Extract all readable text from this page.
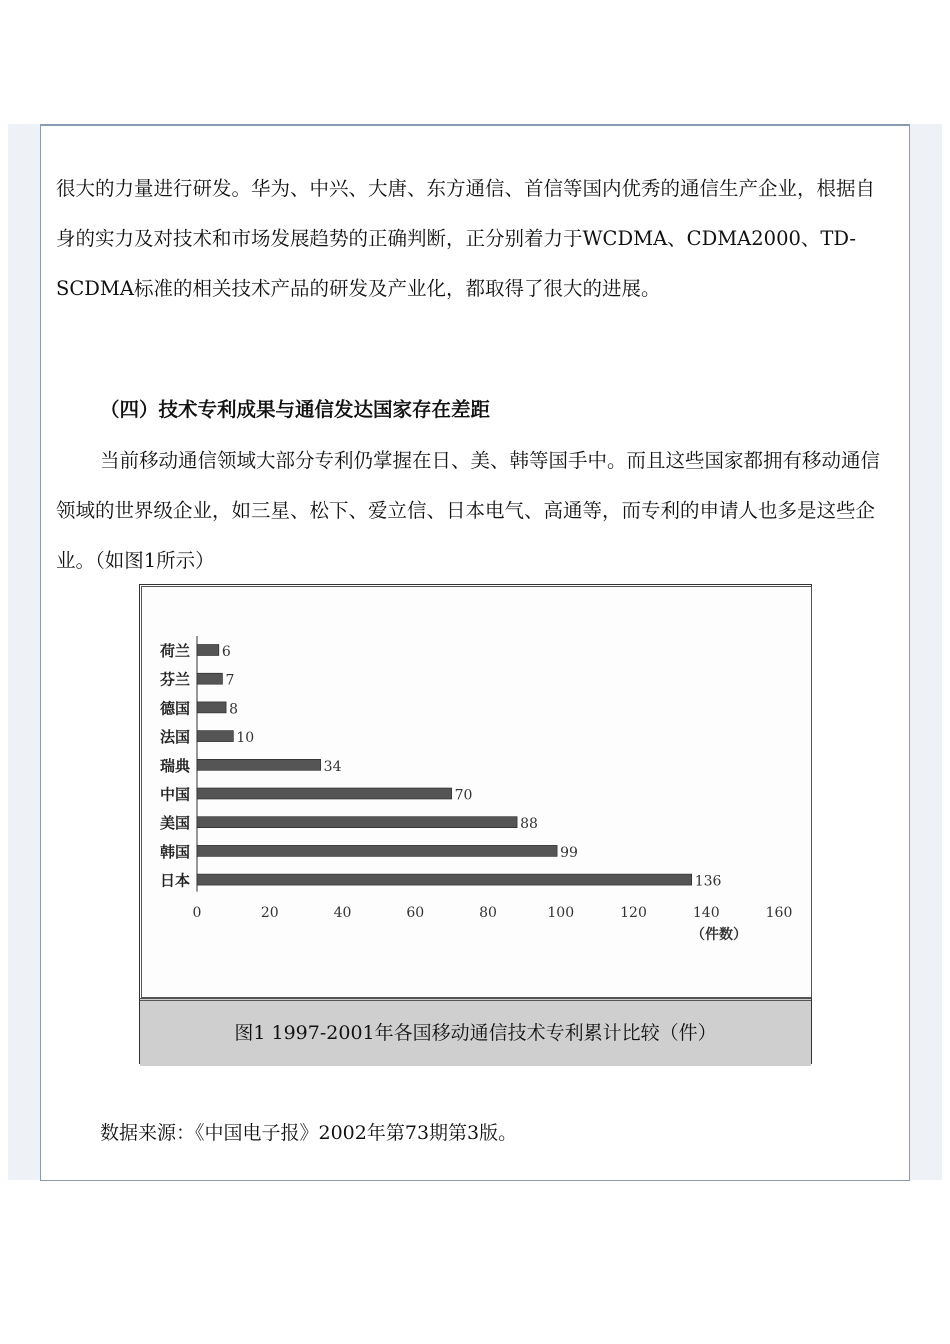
很大的力量进行研发。华为、中兴、大唐、东方通信、首信等国内优秀的通信生产企业，根据自身的实力及对技术和市场发展趋势的正确判断，正分别着力于WCDMA、CDMA2000、TD-SCDMA标准的相关技术产品的研发及产业化，都取得了很大的进展。

（四）技术专利成果与通信发达国家存在差距

当前移动通信领域大部分专利仍掌握在日、美、韩等国手中。而且这些国家都拥有移动通信领域的世界级企业，如三星、松下、爱立信、日本电气、高通等，而专利的申请人也多是这些企业。（如图1所示）

荷兰 6
芬兰	7
德国	8
法国	10
瑞典	34
中国	70
美国	88
韩国	99
日本	136
0	20	40	60	80	100	120	140	160
（件数）
图1 1997-2001年各国移动通信技术专利累计比较（件）

数据来源：《中国电子报》2002年第73期第3版。
